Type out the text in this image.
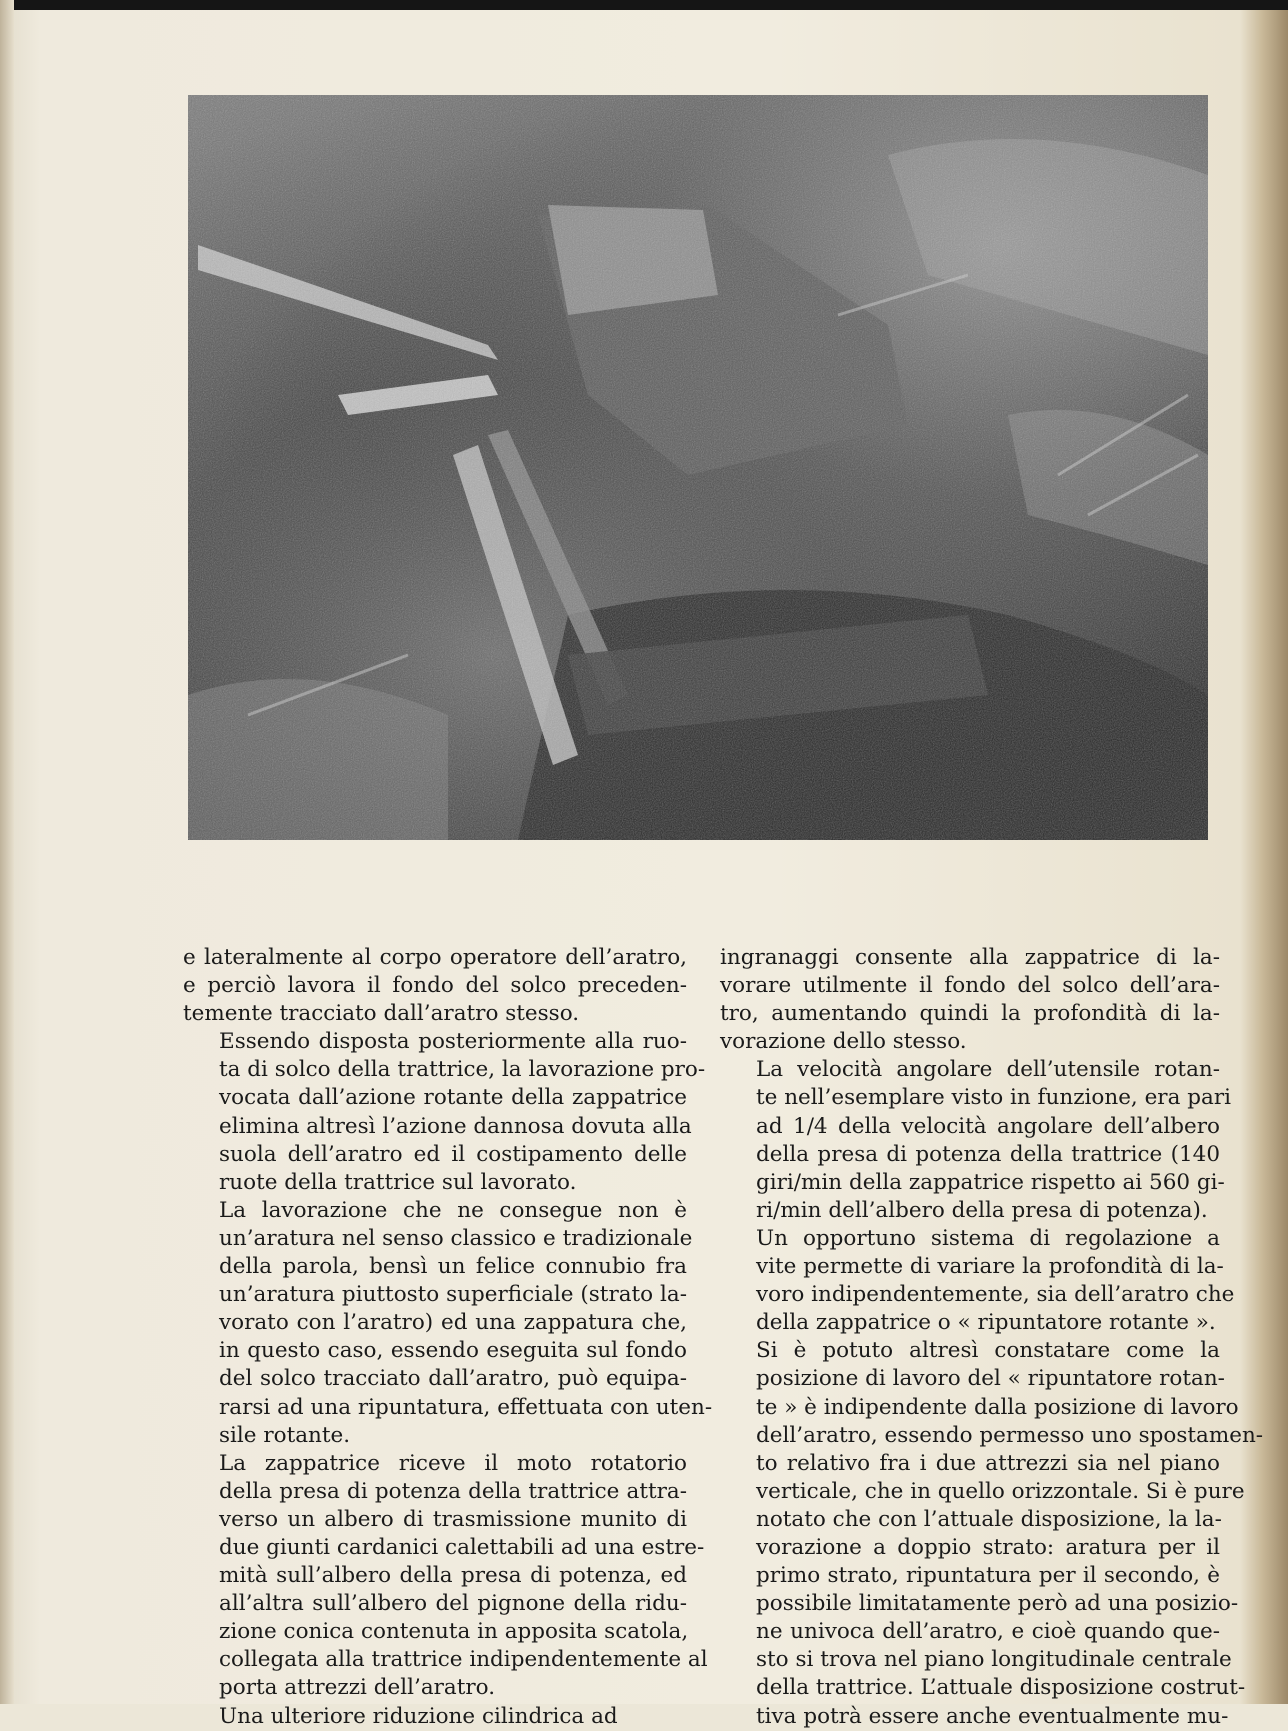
e lateralmente al corpo operatore dell’aratro,
e perciò lavora il fondo del solco preceden-
temente tracciato dall’aratro stesso.

Essendo disposta posteriormente alla ruo-
ta di solco della trattrice, la lavorazione pro-
vocata dall’azione rotante della zappatrice
elimina altresì l’azione dannosa dovuta alla
suola dell’aratro ed il costipamento delle
ruote della trattrice sul lavorato.

La lavorazione che ne consegue non è
un’aratura nel senso classico e tradizionale
della parola, bensì un felice connubio fra
un’aratura piuttosto superficiale (strato la-
vorato con l’aratro) ed una zappatura che,
in questo caso, essendo eseguita sul fondo
del solco tracciato dall’aratro, può equipa-
rarsi ad una ripuntatura, effettuata con uten-
sile rotante.

La zappatrice riceve il moto rotatorio
della presa di potenza della trattrice attra-
verso un albero di trasmissione munito di
due giunti cardanici calettabili ad una estre-
mità sull’albero della presa di potenza, ed
all’altra sull’albero del pignone della ridu-
zione conica contenuta in apposita scatola,
collegata alla trattrice indipendentemente al
porta attrezzi dell’aratro.

Una ulteriore riduzione cilindrica ad

ingranaggi consente alla zappatrice di la-
vorare utilmente il fondo del solco dell’ara-
tro, aumentando quindi la profondità di la-
vorazione dello stesso.

La velocità angolare dell’utensile rotan-
te nell’esemplare visto in funzione, era pari
ad 1/4 della velocità angolare dell’albero
della presa di potenza della trattrice (140
giri/min della zappatrice rispetto ai 560 gi-
ri/min dell’albero della presa di potenza).

Un opportuno sistema di regolazione a
vite permette di variare la profondità di la-
voro indipendentemente, sia dell’aratro che
della zappatrice o « ripuntatore rotante ».

Si è potuto altresì constatare come la
posizione di lavoro del « ripuntatore rotan-
te » è indipendente dalla posizione di lavoro
dell’aratro, essendo permesso uno spostamen-
to relativo fra i due attrezzi sia nel piano
verticale, che in quello orizzontale. Si è pure
notato che con l’attuale disposizione, la la-
vorazione a doppio strato: aratura per il
primo strato, ripuntatura per il secondo, è
possibile limitatamente però ad una posizio-
ne univoca dell’aratro, e cioè quando que-
sto si trova nel piano longitudinale centrale
della trattrice. L’attuale disposizione costrut-
tiva potrà essere anche eventualmente mu-
